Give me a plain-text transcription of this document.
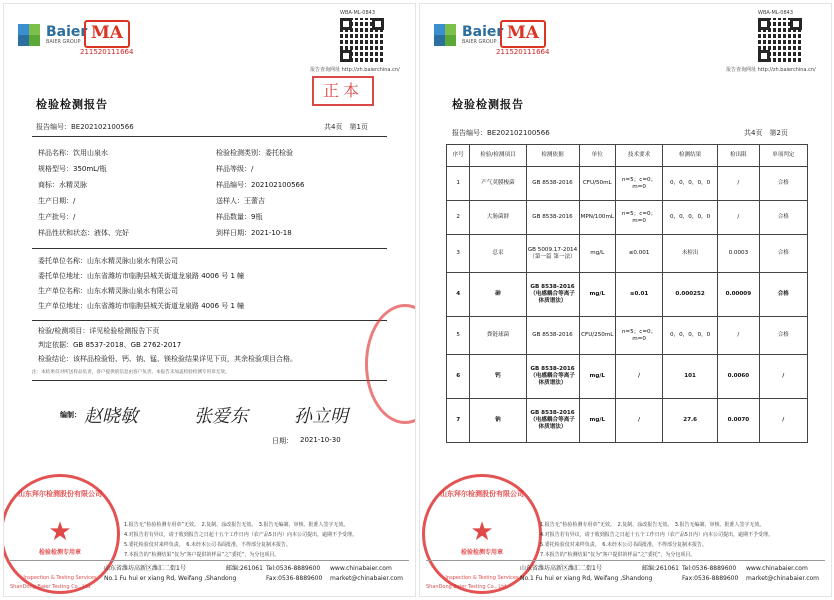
Baier
BAIER GROUP MA
211520111664
WBA-ML-0843
报告查询网址 http://zh.baierchina.cn/
正本
检验检测报告
报告编号：BE202102100566	共4页　第1页
样品名称：饮用山泉水	检验检测类别：委托检验
规格型号：350mL/瓶	样品等级：/
商标：水精灵脉	样品编号：202102100566
生产日期：/	送样人：王蕾吉
生产批号：/	样品数量：9瓶
样品性状和状态：液体、完好	到样日期：2021-10-18
委托单位名称：山东水精灵脉山泉水有限公司
委托单位地址：山东省潍坊市临朐县城关街道龙泉路 4006 号 1 幢
生产单位名称：山东水精灵脉山泉水有限公司
生产单位地址：山东省潍坊市临朐县城关街道龙泉路 4006 号 1 幢
检验/检测项目：详见检验检测报告下页
判定依据：GB 8537-2018、GB 2762-2017
检验结论：该样品检验铅、钙、钠、锰、镁检验结果详见下页，其余检验项目合格。
注：本结果仅对所送样品负责，客户提供的信息由客户负责，本报告未加盖检验检测专用章无效。
编制： 赵晓敏	张爱东	孙立明
日期： 2021-10-30
山东拜尔检测股份有限公司
★
检验检测专用章
Inspection & Testing Services
1.报告无“检验检测专用章”无效。　2.复制、涂改报告无效。　3.报告无编制、审核、批准人签字无效。
4.对报告若有异议，请于收到报告之日起十五个工作日内（农产品5日内）向本公司提出，逾期不予受理。
5.委托检验仅对来样负责。　6.未经本公司书面批准，不得部分复制本报告。
7.本报告的“检测结果”仅为“客户提供的样品”之“委托”，为分包项目。
山东省潍坊高新区潍汇二街1号	邮编:261061 Tel:0536-8889600 www.chinabaier.com
No.1 Fu hui er xiang Rd, Weifang ,Shandong	Fax:0536-8889600 market@chinabaier.com
ShanDong Baier Testing Co., Ltd
Baier
BAIER GROUP MA
211520111664
WBA-ML-0843
报告查询网址 http://zh.baierchina.cn/
检验检测报告
报告编号：BE202102100566	共4页　第2页
序号	检验/检测项目	检测依据	单位	技术要求	检测结果	检出限	单项判定
1	产气荚膜梭菌	GB 8538-2016	CFU/50mL	n=5；c=0；m=0	0，0，0，0，0	/	合格
2	大肠菌群	GB 8538-2016	MPN/100mL	n=5；c=0；m=0	0，0，0，0，0	/	合格
3	总汞	GB 5009.17-2014（第一篇 第一法）	mg/L	≤0.001	未检出	0.0003	合格
4	砷	GB 8538-2016（电感耦合等离子体质谱法）	mg/L	≤0.01	0.000252	0.00009	合格
5	粪链球菌	GB 8538-2016	CFU/250mL	n=5；c=0；m=0	0，0，0，0，0	/	合格
6	钙	GB 8538-2016（电感耦合等离子体质谱法）	mg/L	/	101	0.0060	/
7	钠	GB 8538-2016（电感耦合等离子体质谱法）	mg/L	/	27.6	0.0070	/
山东拜尔检测股份有限公司
★
检验检测专用章
Inspection & Testing Services
1.报告无“检验检测专用章”无效。　2.复制、涂改报告无效。　3.报告无编制、审核、批准人签字无效。
4.对报告若有异议，请于收到报告之日起十五个工作日内（农产品5日内）向本公司提出，逾期不予受理。
5.委托检验仅对来样负责。　6.未经本公司书面批准，不得部分复制本报告。
7.本报告的“检测结果”仅为“客户提供的样品”之“委托”，为分包项目。
山东省潍坊高新区潍汇二街1号	邮编:261061 Tel:0536-8889600 www.chinabaier.com
No.1 Fu hui er xiang Rd, Weifang ,Shandong	Fax:0536-8889600 market@chinabaier.com
ShanDong Baier Testing Co., Ltd
